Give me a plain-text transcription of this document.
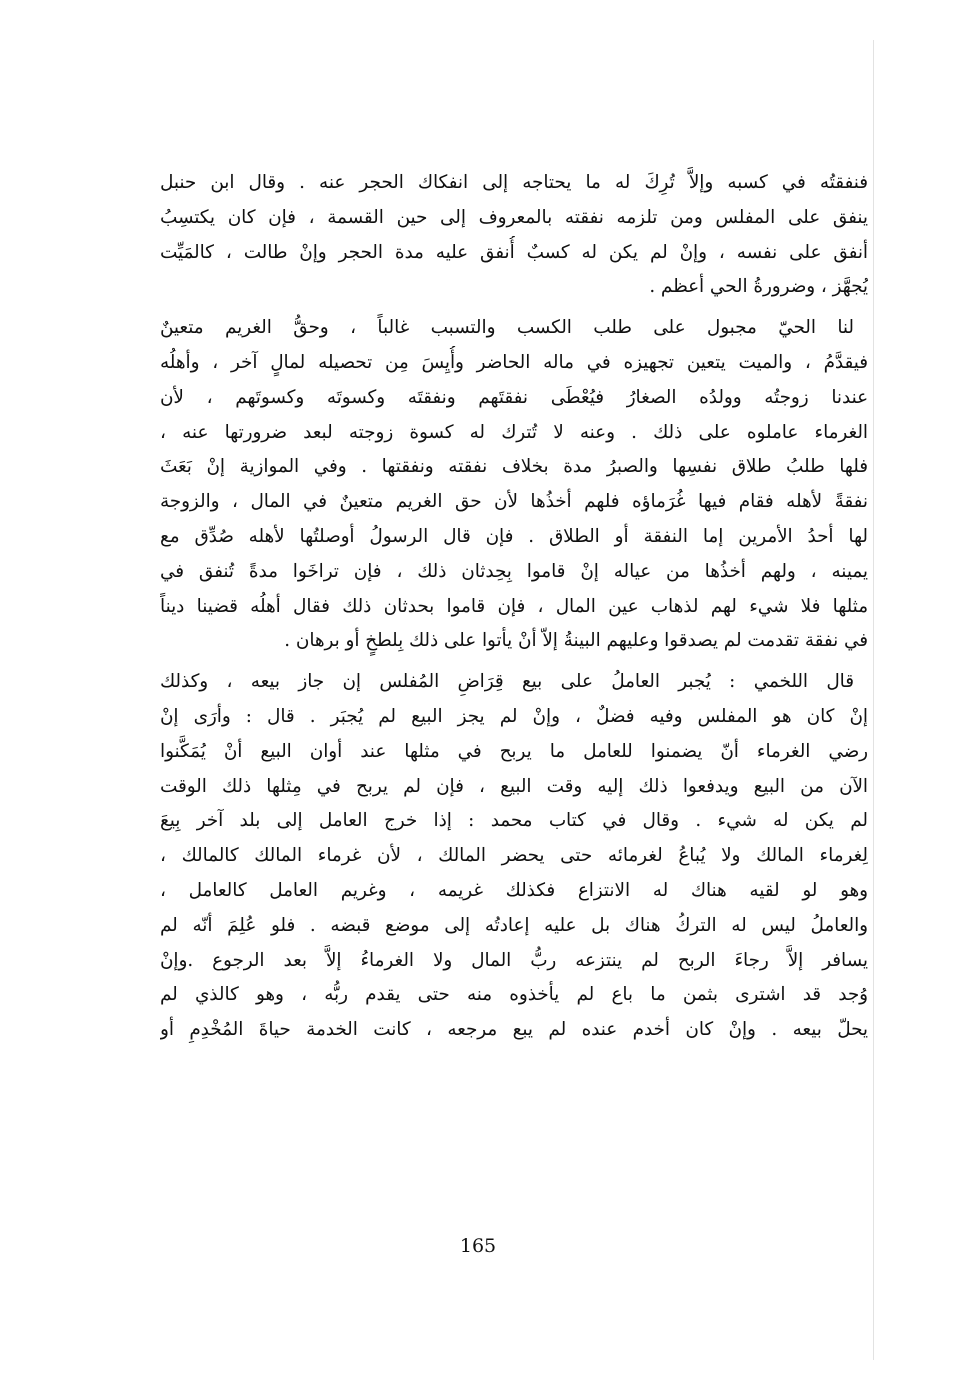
فنفقتُه في كسبه وإلاَّ تُرِكَ له ما يحتاجه إلى انفكاك الحجر عنه . وقال ابن حنبل
ينفق على المفلس ومن تلزمه نفقته بالمعروف إلى حين القسمة ، فإن كان يكتسِبُ
أنفق على نفسه ، وإنْ لم يكن له كسبٌ أُنفق عليه مدة الحجر وإنْ طالت ، كالمَيِّت
يُجهَّز ، وضرورةُ الحي أعظم .
لنا الحيّ مجبول على طلب الكسب والتسبب غالباً ، وحقُّ الغريم متعينٌ
فيقدَّمُ ، والميت يتعين تجهيزه في ماله الحاضر وأُيِسَ مِن تحصيله لمالٍ آخر ، وأهلُه
عندنا زوجتُه وولدُه الصغارُ فيُعْطَى نفقتَهم ونفقتَه وكسوتَه وكسوتَهم ، لأن
الغرماء عاملوه على ذلك . وعنه لا تُترك له كسوة زوجته لبعد ضرورتها عنه ،
فلها طلبُ طلاق نفسِها والصبرُ مدة بخلاف نفقته ونفقتها . وفي الموازية إنْ بَعَثَ
نفقةً لأهله فقام فيها غُرَماؤه فلهم أخذُها لأن حق الغريم متعينٌ في المال ، والزوجة
لها أحدُ الأمرين إما النفقة أو الطلاق . فإن قال الرسولُ أوصلتُها لأهله صُدِّق مع
يمينه ، ولهم أخذُها من عياله إنْ قاموا بِحِدثان ذلك ، فإن تراخَوا مدةً تُنفق في
مثلها فلا شيء لهم لذهاب عين المال ، فإن قاموا بحدثان ذلك فقال أهلُه قضينا ديناً
في نفقة تقدمت لم يصدقوا وعليهم البينةُ إلاّ أنْ يأتوا على ذلك بِلطخٍ أو برهان .
قال اللخمي : يُجبر العاملُ على بيع قِرَاضِ المُفلس إن جاز بيعه ، وكذلك
إنْ كان هو المفلس وفيه فضلٌ ، وإنْ لم يجز البيع لم يُجبَر . قال : وأرَى إنْ
رضي الغرماء أنّ يضمنوا للعامل ما يربح في مثلها عند أوان البيع أنْ يُمَكَّنوا
الآن من البيع ويدفعوا ذلك إليه وقت البيع ، فإن لم يربح في مِثلها ذلك الوقت
لم يكن له شيء . وقال في كتاب محمد : إذا خرج العامل إلى بلد آخر بِيعَ
لِغرماء المالك ولا يُباعُ لغرمائه حتى يحضر المالك ، لأن غرماء المالك كالمالك ،
وهو لو لقيه هناك له الانتزاع فكذلك غريمه ، وغريم العامل كالعامل ،
والعاملُ ليس له التركُ هناك بل عليه إعادتُه إلى موضع قبضه . فلو عُلِمَ أنّه لم
يسافر إلاَّ رجاءَ الربح لم ينتزعه ربُّ المال ولا الغرماءُ إلاَّ بعد الرجوع .وإنْ
وُجد قد اشترى بثمن ما باع لم يأخذوه منه حتى يقدم ربُّه ، وهو كالذي لم
يحلّ بيعه . وإنْ كان أخدم عنده لم يبع مرجعه ، كانت الخدمة حياةَ المُخْدِمِ أو
165
